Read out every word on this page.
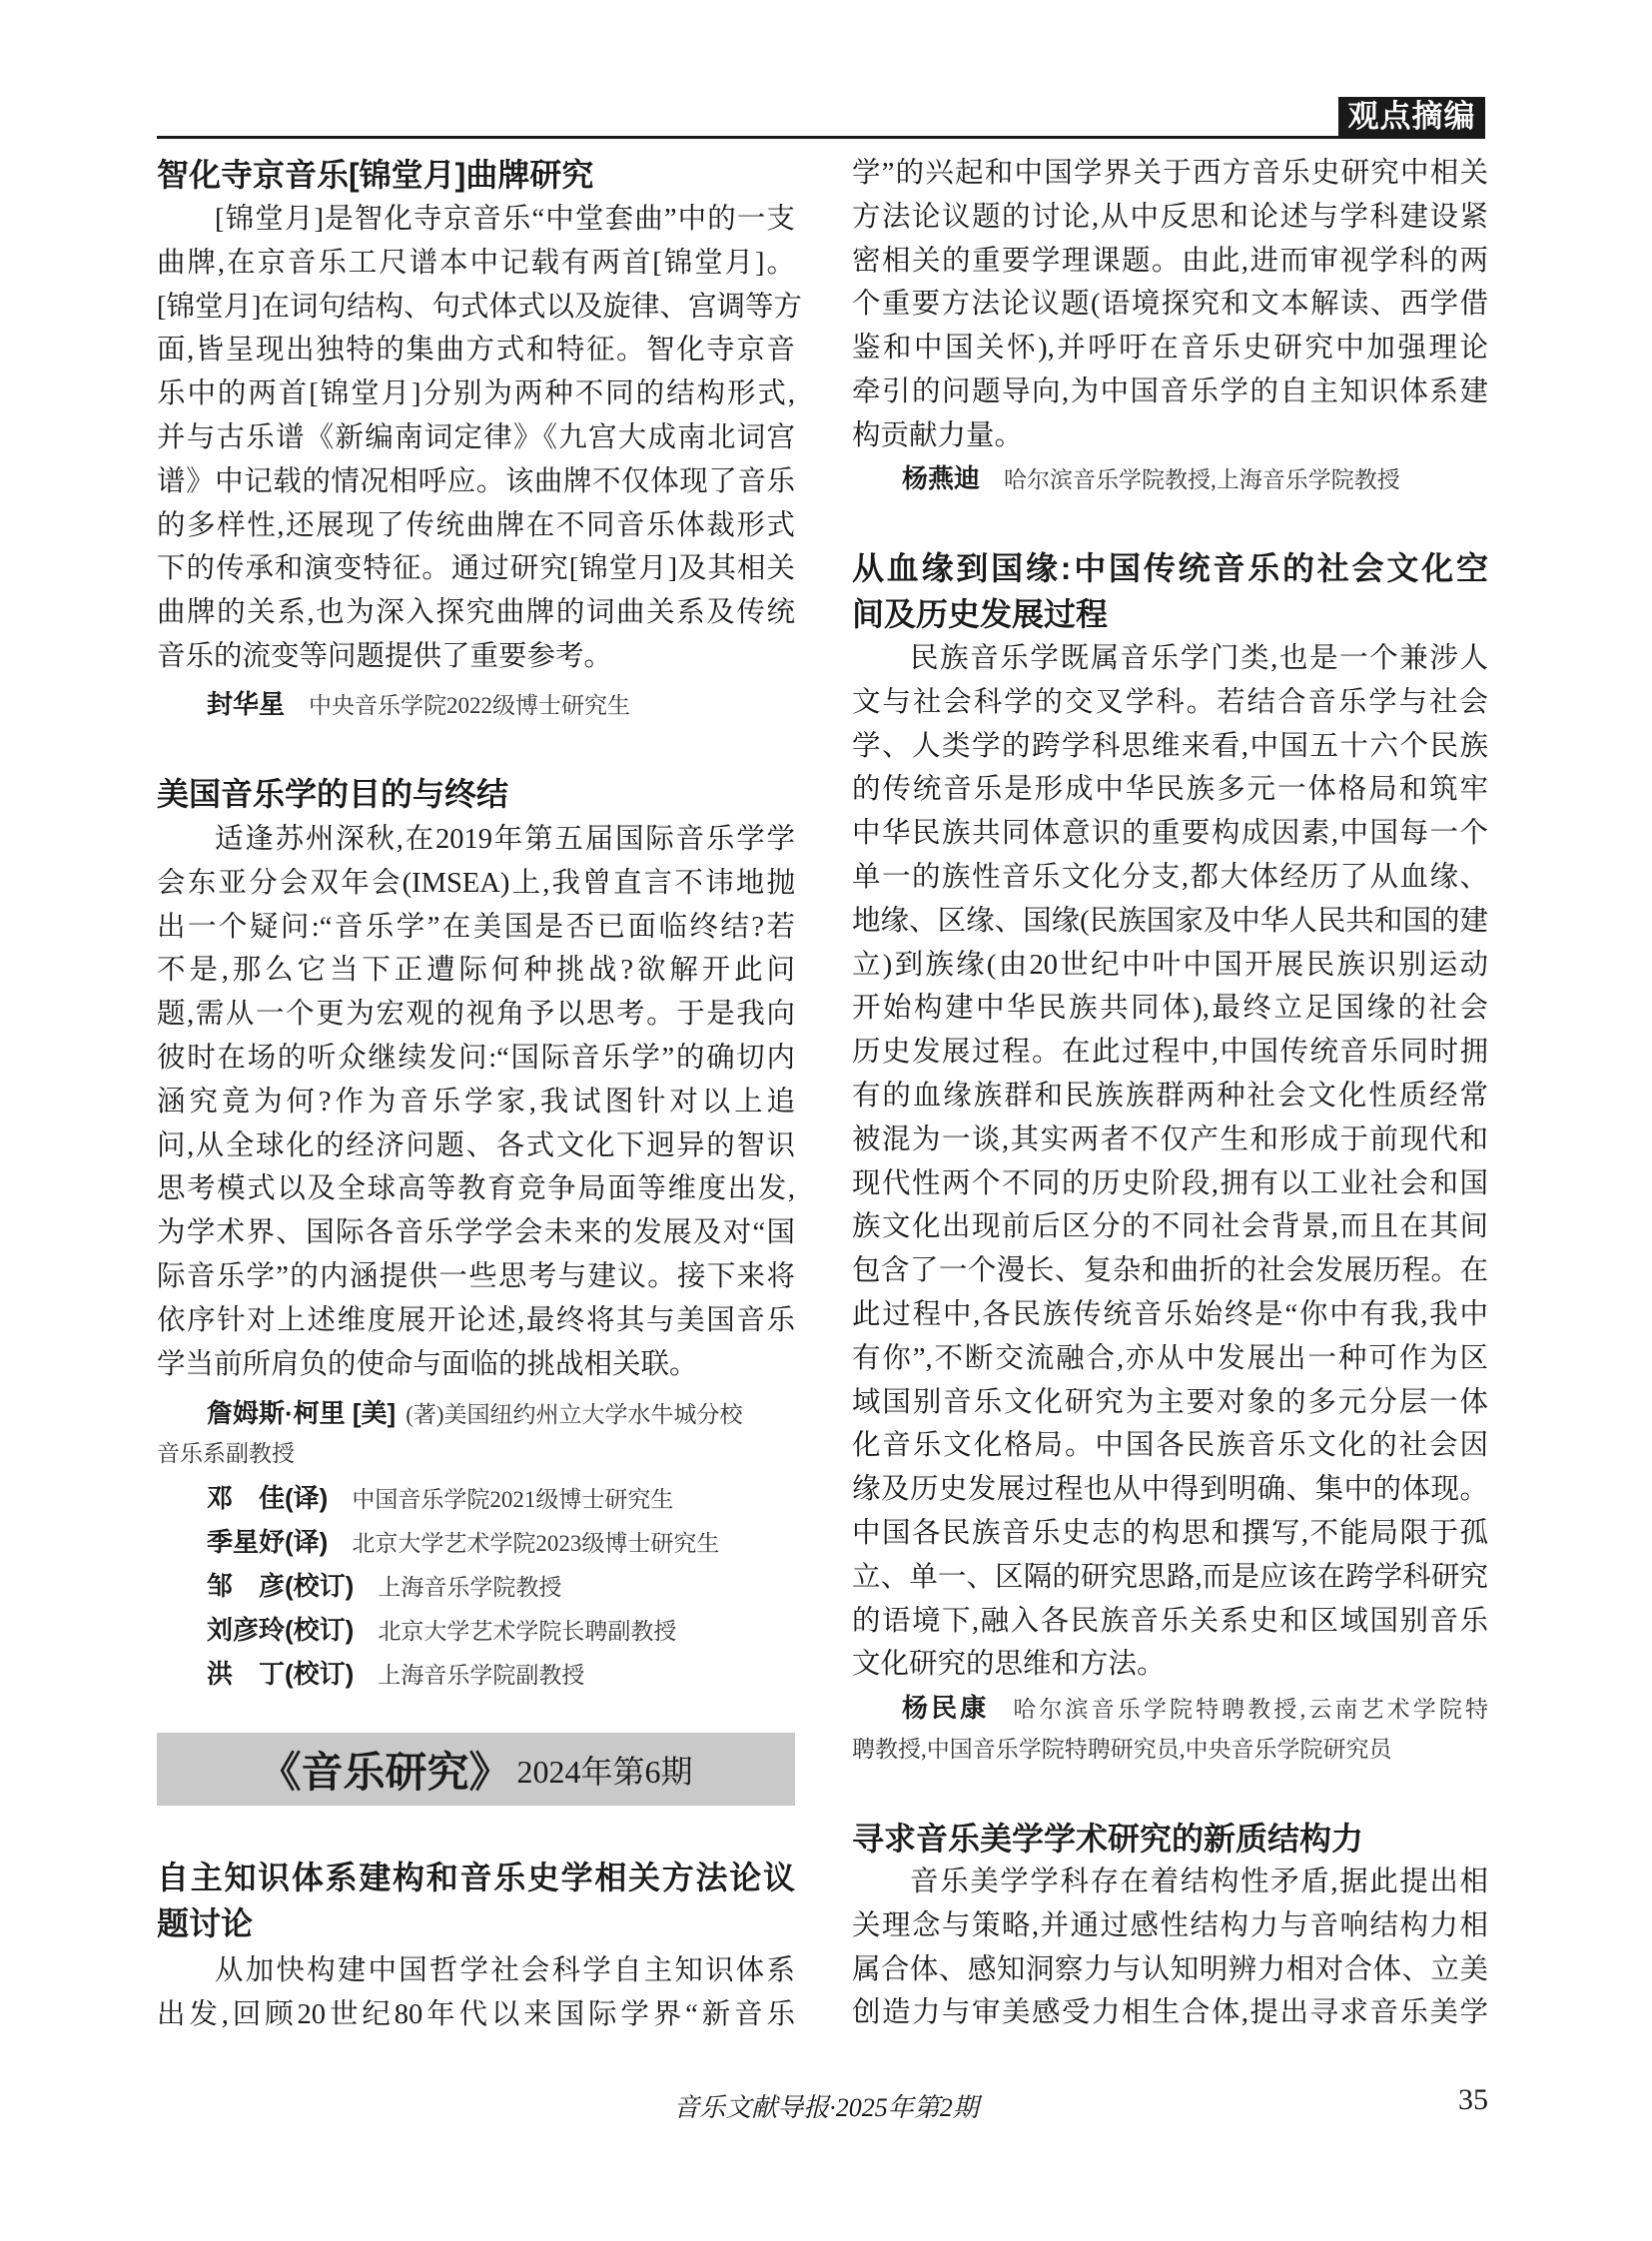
观点摘编
智化寺京音乐[锦堂月]曲牌研究
[锦堂月]是智化寺京音乐“中堂套曲”中的一支
曲牌,在京音乐工尺谱本中记载有两首[锦堂月]。
[锦堂月]在词句结构、句式体式以及旋律、宫调等方
面,皆呈现出独特的集曲方式和特征。智化寺京音
乐中的两首[锦堂月]分别为两种不同的结构形式,
并与古乐谱《新编南词定律》《九宫大成南北词宫
谱》中记载的情况相呼应。该曲牌不仅体现了音乐
的多样性,还展现了传统曲牌在不同音乐体裁形式
下的传承和演变特征。通过研究[锦堂月]及其相关
曲牌的关系,也为深入探究曲牌的词曲关系及传统
音乐的流变等问题提供了重要参考。
封华星 中央音乐学院2022级博士研究生
美国音乐学的目的与终结
适逢苏州深秋,在2019年第五届国际音乐学学
会东亚分会双年会(IMSEA)上,我曾直言不讳地抛
出一个疑问:“音乐学”在美国是否已面临终结?若
不是,那么它当下正遭际何种挑战?欲解开此问
题,需从一个更为宏观的视角予以思考。于是我向
彼时在场的听众继续发问:“国际音乐学”的确切内
涵究竟为何?作为音乐学家,我试图针对以上追
问,从全球化的经济问题、各式文化下迥异的智识
思考模式以及全球高等教育竞争局面等维度出发,
为学术界、国际各音乐学学会未来的发展及对“国
际音乐学”的内涵提供一些思考与建议。接下来将
依序针对上述维度展开论述,最终将其与美国音乐
学当前所肩负的使命与面临的挑战相关联。
詹姆斯·柯里 [美] (著)美国纽约州立大学水牛城分校
音乐系副教授
邓　佳(译) 中国音乐学院2021级博士研究生
季星妤(译) 北京大学艺术学院2023级博士研究生
邹　彦(校订) 上海音乐学院教授
刘彦玲(校订) 北京大学艺术学院长聘副教授
洪　丁(校订) 上海音乐学院副教授
《音乐研究》 2024年第6期
自主知识体系建构和音乐史学相关方法论议
题讨论
从加快构建中国哲学社会科学自主知识体系
出发,回顾20世纪80年代以来国际学界“新音乐
学”的兴起和中国学界关于西方音乐史研究中相关
方法论议题的讨论,从中反思和论述与学科建设紧
密相关的重要学理课题。由此,进而审视学科的两
个重要方法论议题(语境探究和文本解读、西学借
鉴和中国关怀),并呼吁在音乐史研究中加强理论
牵引的问题导向,为中国音乐学的自主知识体系建
构贡献力量。
杨燕迪 哈尔滨音乐学院教授,上海音乐学院教授
从血缘到国缘:中国传统音乐的社会文化空
间及历史发展过程
民族音乐学既属音乐学门类,也是一个兼涉人
文与社会科学的交叉学科。若结合音乐学与社会
学、人类学的跨学科思维来看,中国五十六个民族
的传统音乐是形成中华民族多元一体格局和筑牢
中华民族共同体意识的重要构成因素,中国每一个
单一的族性音乐文化分支,都大体经历了从血缘、
地缘、区缘、国缘(民族国家及中华人民共和国的建
立)到族缘(由20世纪中叶中国开展民族识别运动
开始构建中华民族共同体),最终立足国缘的社会
历史发展过程。在此过程中,中国传统音乐同时拥
有的血缘族群和民族族群两种社会文化性质经常
被混为一谈,其实两者不仅产生和形成于前现代和
现代性两个不同的历史阶段,拥有以工业社会和国
族文化出现前后区分的不同社会背景,而且在其间
包含了一个漫长、复杂和曲折的社会发展历程。在
此过程中,各民族传统音乐始终是“你中有我,我中
有你”,不断交流融合,亦从中发展出一种可作为区
域国别音乐文化研究为主要对象的多元分层一体
化音乐文化格局。中国各民族音乐文化的社会因
缘及历史发展过程也从中得到明确、集中的体现。
中国各民族音乐史志的构思和撰写,不能局限于孤
立、单一、区隔的研究思路,而是应该在跨学科研究
的语境下,融入各民族音乐关系史和区域国别音乐
文化研究的思维和方法。
杨民康 哈尔滨音乐学院特聘教授,云南艺术学院特
聘教授,中国音乐学院特聘研究员,中央音乐学院研究员
寻求音乐美学学术研究的新质结构力
音乐美学学科存在着结构性矛盾,据此提出相
关理念与策略,并通过感性结构力与音响结构力相
属合体、感知洞察力与认知明辨力相对合体、立美
创造力与审美感受力相生合体,提出寻求音乐美学
音乐文献导报·2025年第2期	35
